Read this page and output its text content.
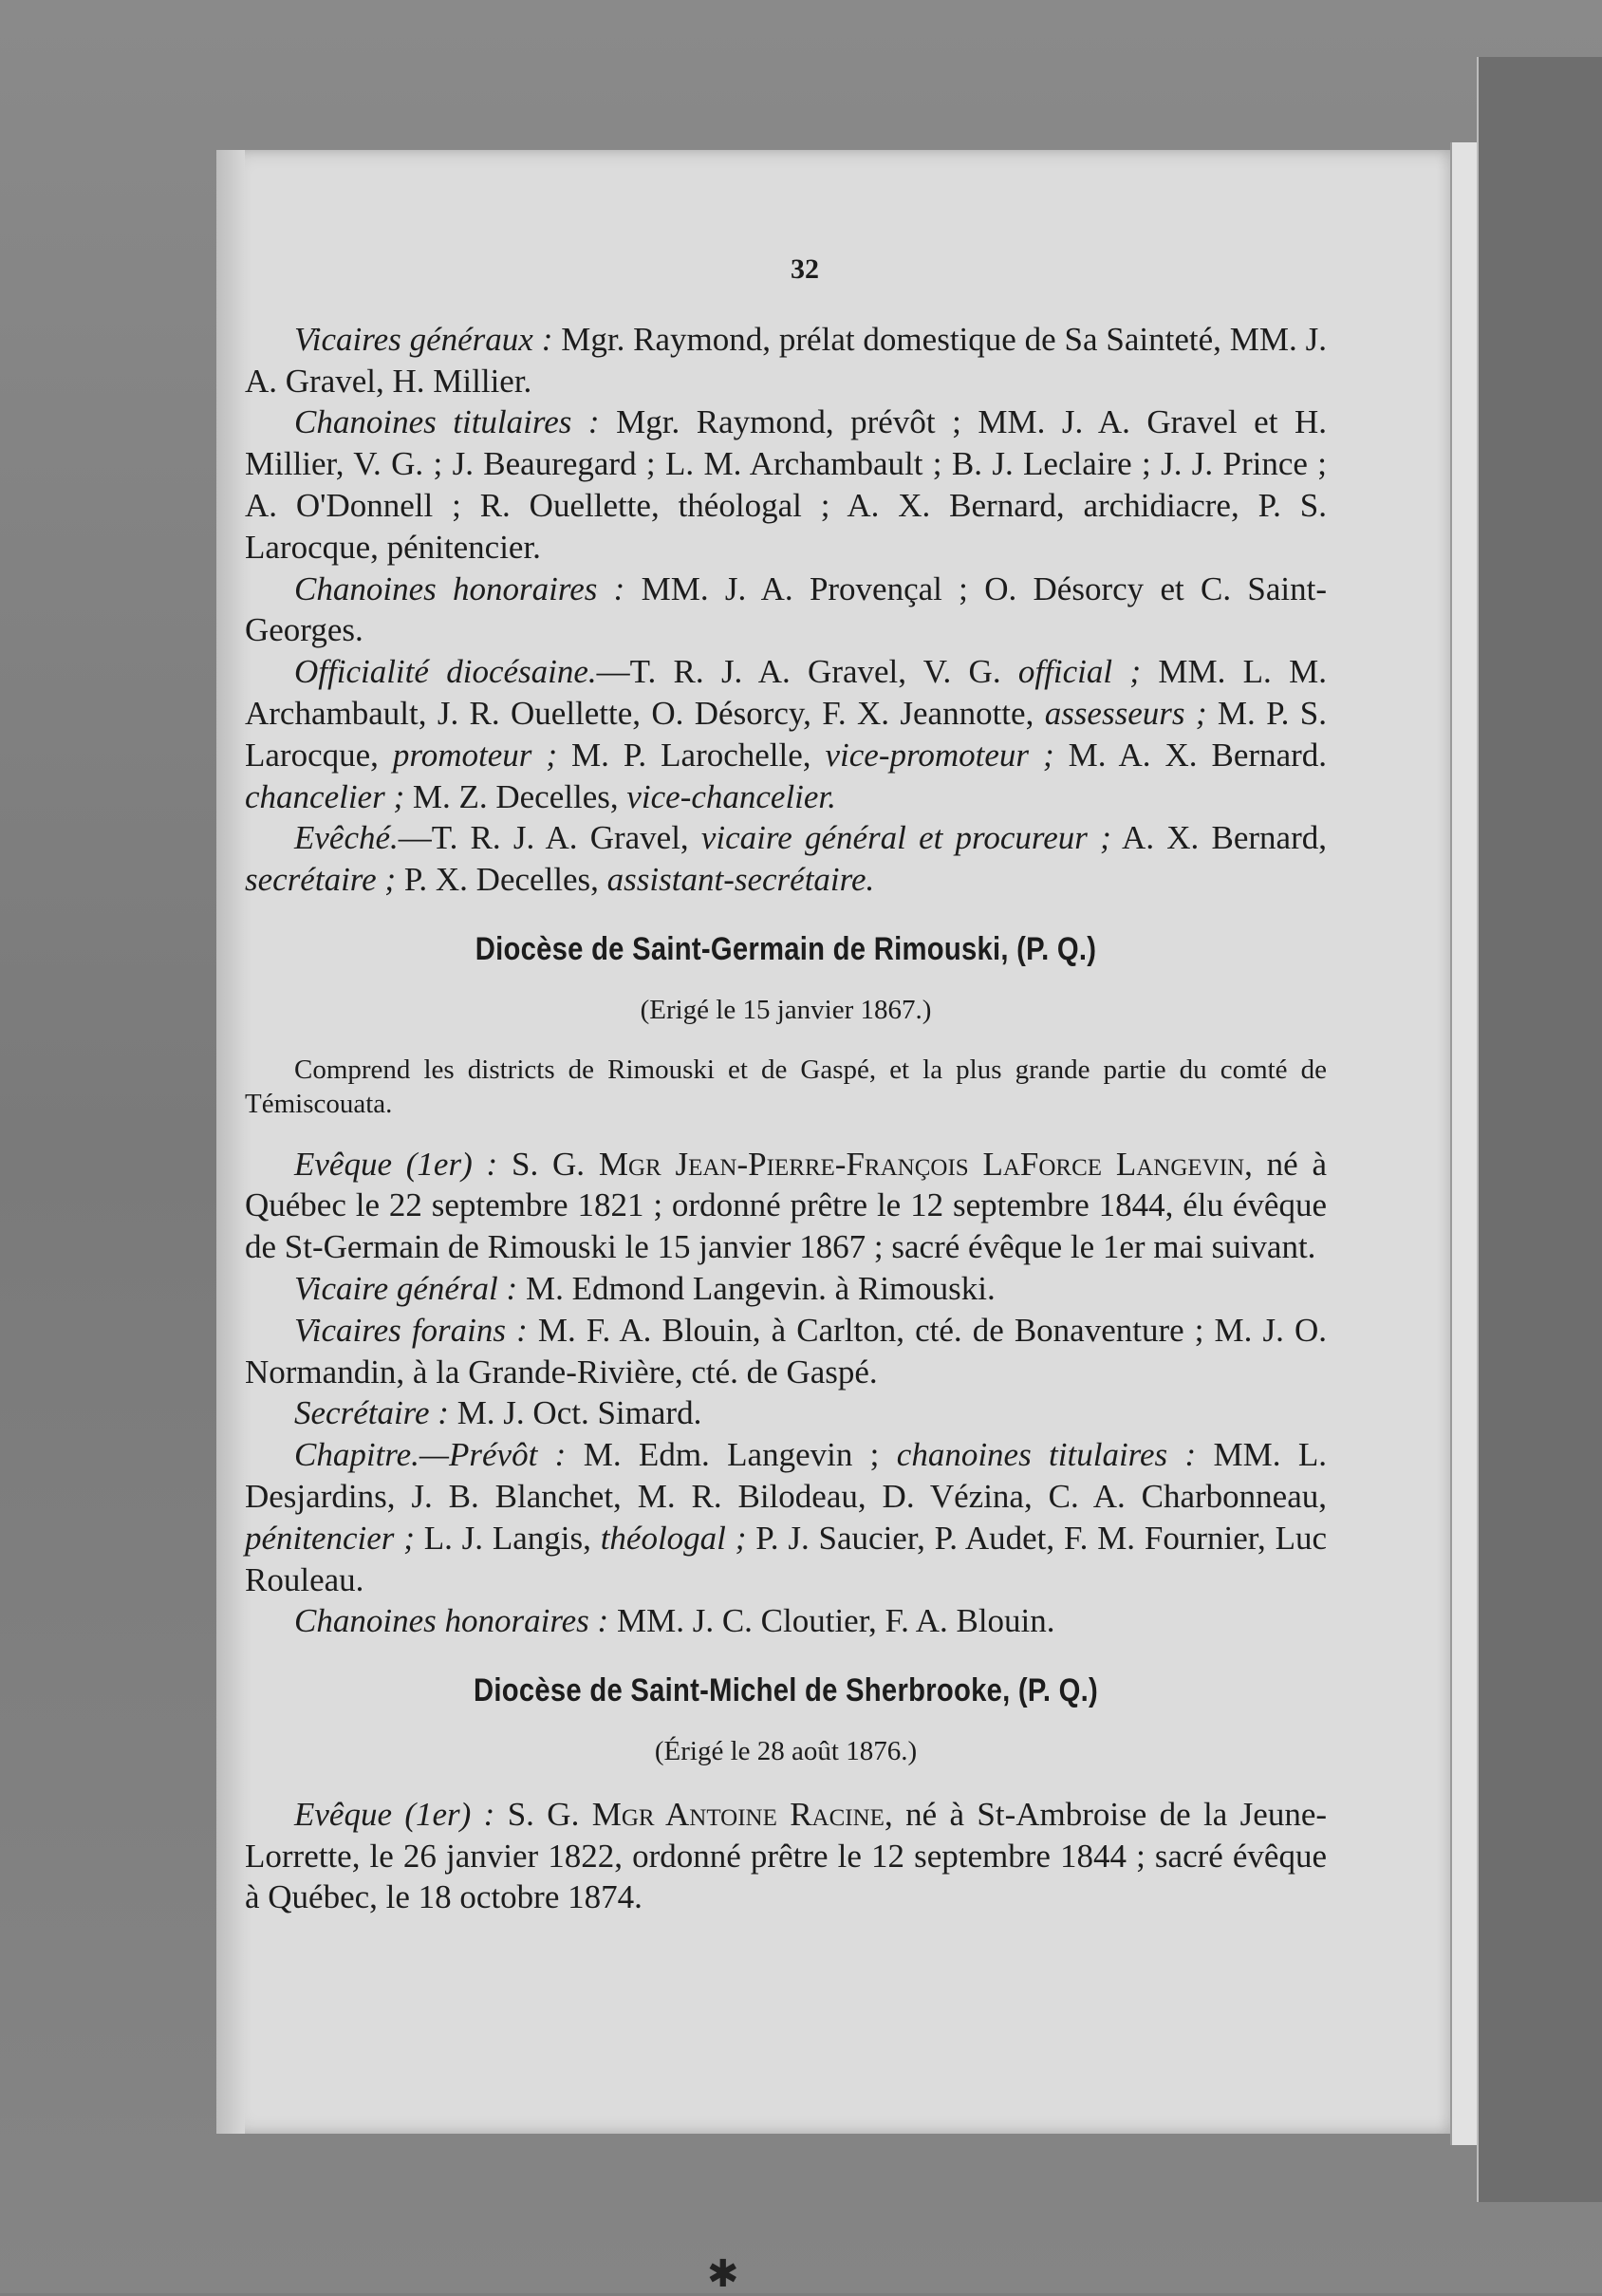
✱
32

Vicaires généraux : Mgr. Raymond, prélat domestique de Sa Sainteté, MM. J. A. Gravel, H. Millier.

Chanoines titulaires : Mgr. Raymond, prévôt ; MM. J. A. Gravel et H. Millier, V. G. ; J. Beauregard ; L. M. Archambault ; B. J. Leclaire ; J. J. Prince ; A. O'Donnell ; R. Ouellette, théologal ; A. X. Bernard, archidiacre, P. S. Larocque, pénitencier.

Chanoines honoraires : MM. J. A. Provençal ; O. Désorcy et C. Saint-Georges.

Officialité diocésaine.—T. R. J. A. Gravel, V. G. official ; MM. L. M. Archambault, J. R. Ouellette, O. Désorcy, F. X. Jeannotte, assesseurs ; M. P. S. Larocque, promoteur ; M. P. Larochelle, vice-promoteur ; M. A. X. Bernard. chancelier ; M. Z. Decelles, vice-chancelier.

Evêché.—T. R. J. A. Gravel, vicaire général et procureur ; A. X. Bernard, secrétaire ; P. X. Decelles, assistant-secrétaire.

Diocèse de Saint-Germain de Rimouski, (P. Q.)
(Erigé le 15 janvier 1867.)

Comprend les districts de Rimouski et de Gaspé, et la plus grande partie du comté de Témiscouata.

Evêque (1er) : S. G. Mgr Jean-Pierre-François LaForce Langevin, né à Québec le 22 septembre 1821 ; ordonné prêtre le 12 septembre 1844, élu évêque de St-Germain de Rimouski le 15 janvier 1867 ; sacré évêque le 1er mai suivant.

Vicaire général : M. Edmond Langevin. à Rimouski.

Vicaires forains : M. F. A. Blouin, à Carlton, cté. de Bonaventure ; M. J. O. Normandin, à la Grande-Rivière, cté. de Gaspé.

Secrétaire : M. J. Oct. Simard.

Chapitre.—Prévôt : M. Edm. Langevin ; chanoines titulaires : MM. L. Desjardins, J. B. Blanchet, M. R. Bilodeau, D. Vézina, C. A. Charbonneau, pénitencier ; L. J. Langis, théologal ; P. J. Saucier, P. Audet, F. M. Fournier, Luc Rouleau.

Chanoines honoraires : MM. J. C. Cloutier, F. A. Blouin.

Diocèse de Saint-Michel de Sherbrooke, (P. Q.)
(Érigé le 28 août 1876.)

Evêque (1er) : S. G. Mgr Antoine Racine, né à St-Ambroise de la Jeune-Lorrette, le 26 janvier 1822, ordonné prêtre le 12 septembre 1844 ; sacré évêque à Québec, le 18 octobre 1874.
